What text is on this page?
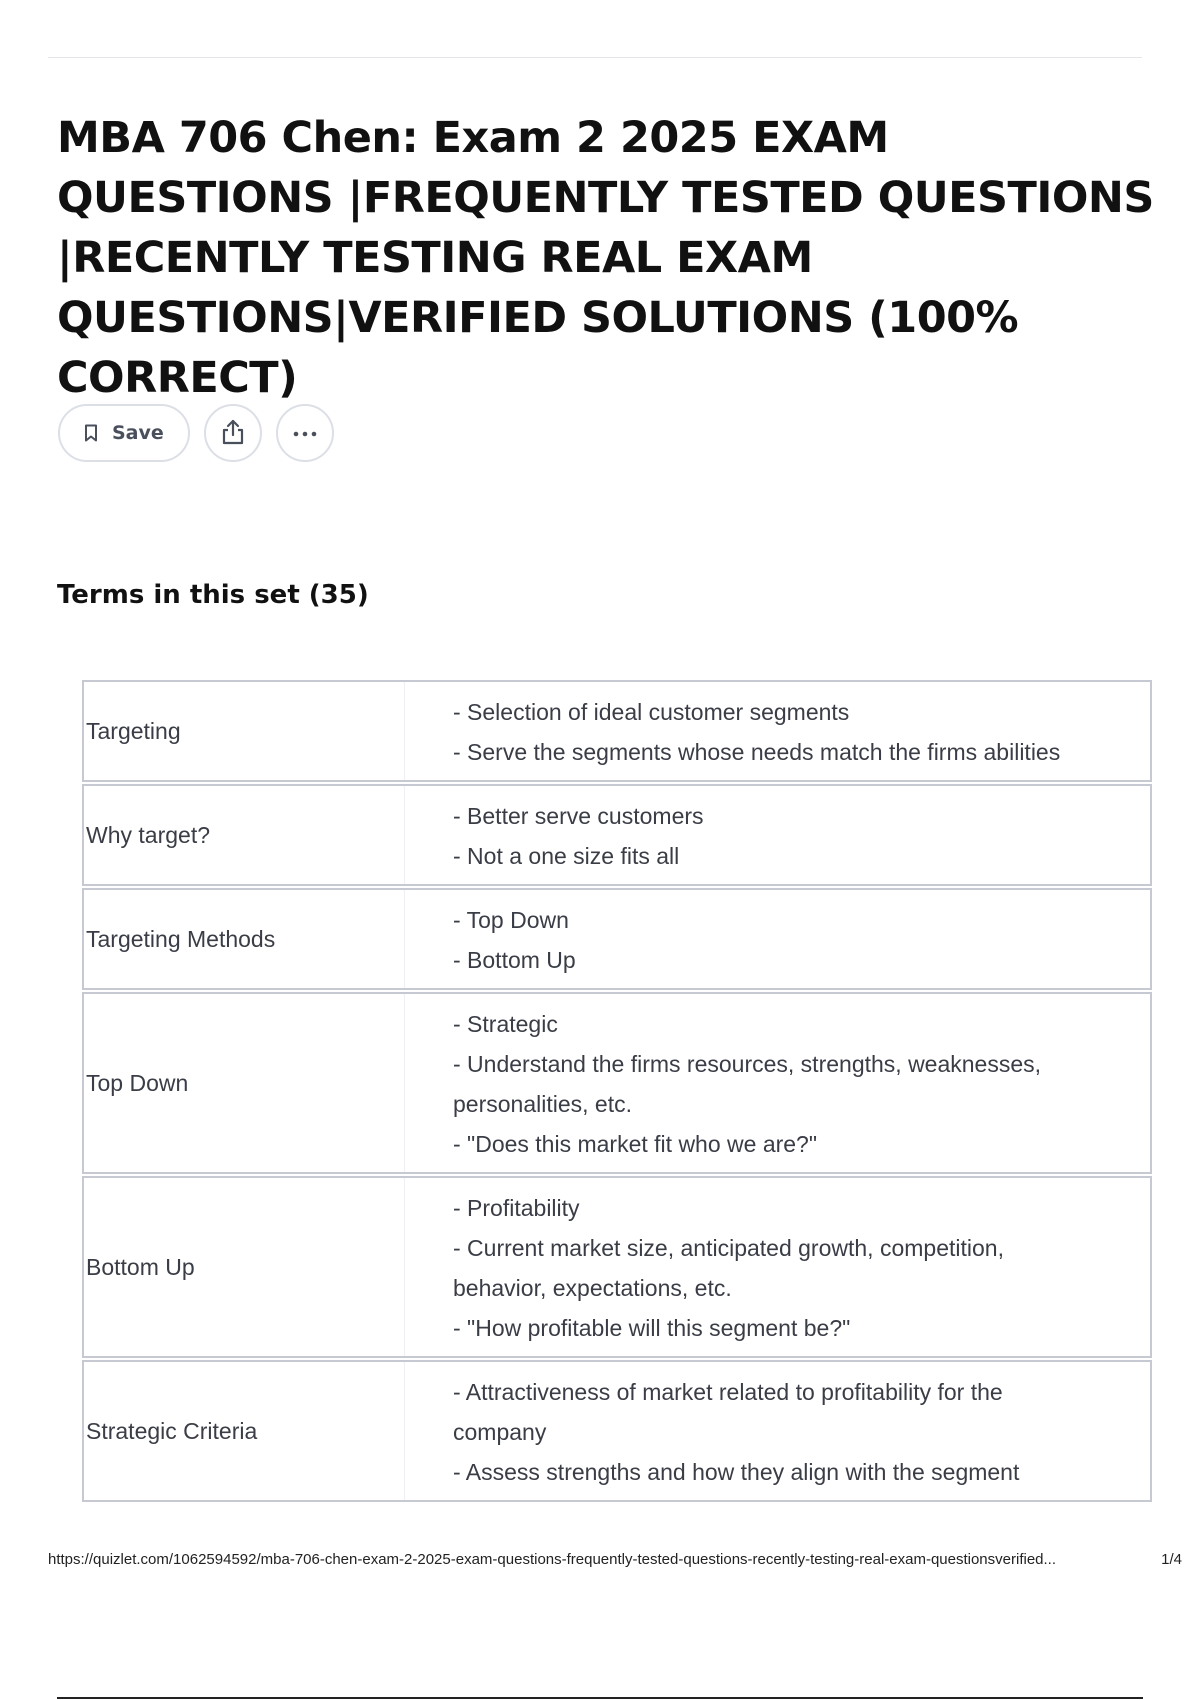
MBA 706 Chen: Exam 2 2025 EXAM QUESTIONS |FREQUENTLY TESTED QUESTIONS |RECENTLY TESTING REAL EXAM QUESTIONS|VERIFIED SOLUTIONS (100% CORRECT)
Save
Terms in this set (35)
Targeting
- Selection of ideal customer segments
- Serve the segments whose needs match the firms abilities
Why target?
- Better serve customers
- Not a one size fits all
Targeting Methods
- Top Down
- Bottom Up
Top Down
- Strategic
- Understand the firms resources, strengths, weaknesses, personalities, etc.
- "Does this market fit who we are?"
Bottom Up
- Profitability
- Current market size, anticipated growth, competition, behavior, expectations, etc.
- "How profitable will this segment be?"
Strategic Criteria
- Attractiveness of market related to profitability for the company
- Assess strengths and how they align with the segment
https://quizlet.com/1062594592/mba-706-chen-exam-2-2025-exam-questions-frequently-tested-questions-recently-testing-real-exam-questionsverified...	1/4
